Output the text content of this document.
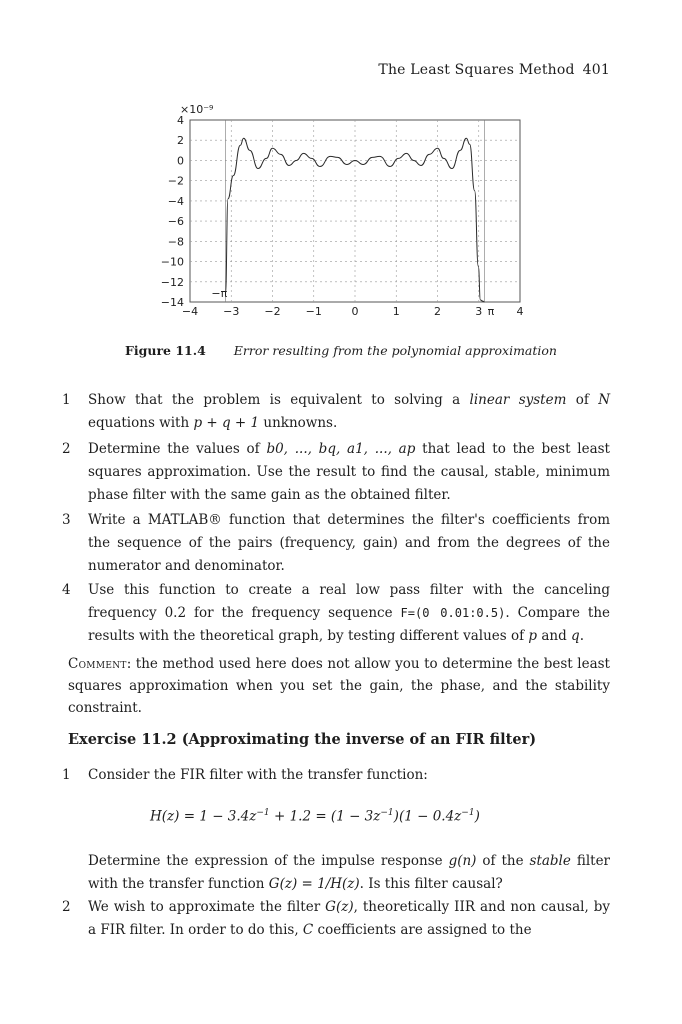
The Least Squares Method 401
×10⁻⁹
−4 −3 −2 −1	0	1	2	3	4
4
2
0
−2
−4
−6
−8
−10
−12
−14
−π
π
Figure 11.4 Error resulting from the polynomial approximation
1 Show that the problem is equivalent to solving a linear system of N equations with p + q + 1 unknowns.

2 Determine the values of b0, ..., bq, a1, ..., ap that lead to the best least squares approximation. Use the result to find the causal, stable, minimum phase filter with the same gain as the obtained filter.

3 Write a MATLAB® function that determines the filter's coefficients from the sequence of the pairs (frequency, gain) and from the degrees of the numerator and denominator.

4 Use this function to create a real low pass filter with the canceling frequency 0.2 for the frequency sequence F=(0 0.01:0.5). Compare the results with the theoretical graph, by testing different values of p and q.

Comment: the method used here does not allow you to determine the best least squares approximation when you set the gain, the phase, and the stability constraint.
Exercise 11.2 (Approximating the inverse of an FIR filter)
1 Consider the FIR filter with the transfer function:

$H(z) = 1 - 3.4z^{-1} + 1.2 = (1 - 3z^{-1})(1 - 0.4z^{-1})$

Determine the expression of the impulse response g(n) of the stable filter with the transfer function G(z) = 1/H(z). Is this filter causal?

2 We wish to approximate the filter G(z), theoretically IIR and non causal, by a FIR filter. In order to do this, C coefficients are assigned to the
